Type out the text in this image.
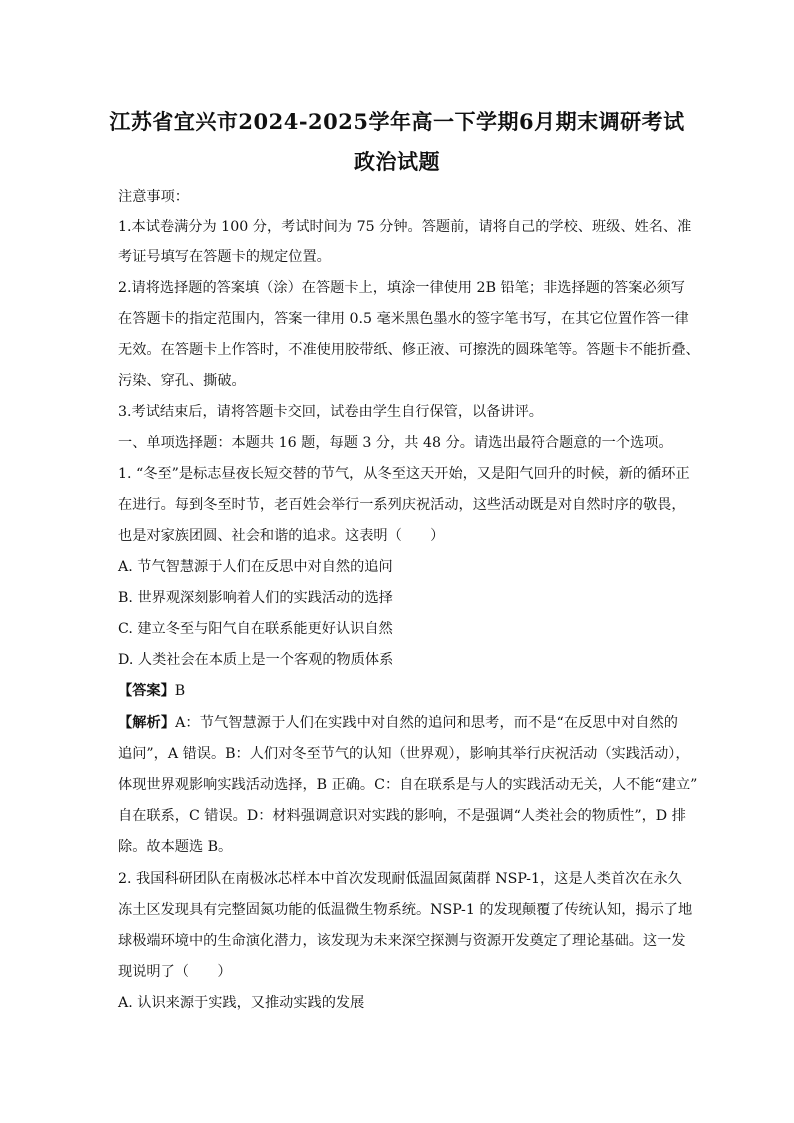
江苏省宜兴市2024-2025学年高一下学期6月期末调研考试
政治试题
注意事项：
1.本试卷满分为 100 分，考试时间为 75 分钟。答题前，请将自己的学校、班级、姓名、准
考证号填写在答题卡的规定位置。
2.请将选择题的答案填（涂）在答题卡上，填涂一律使用 2B 铅笔；非选择题的答案必须写
在答题卡的指定范围内，答案一律用 0.5 毫米黑色墨水的签字笔书写，在其它位置作答一律
无效。在答题卡上作答时，不准使用胶带纸、修正液、可擦洗的圆珠笔等。答题卡不能折叠、
污染、穿孔、撕破。
3.考试结束后，请将答题卡交回，试卷由学生自行保管，以备讲评。
一、单项选择题：本题共 16 题，每题 3 分，共 48 分。请选出最符合题意的一个选项。
1. “冬至”是标志昼夜长短交替的节气，从冬至这天开始，又是阳气回升的时候，新的循环正
在进行。每到冬至时节，老百姓会举行一系列庆祝活动，这些活动既是对自然时序的敬畏，
也是对家族团圆、社会和谐的追求。这表明（　　）
A. 节气智慧源于人们在反思中对自然的追问
B. 世界观深刻影响着人们的实践活动的选择
C. 建立冬至与阳气自在联系能更好认识自然
D. 人类社会在本质上是一个客观的物质体系
【答案】B
【解析】A：节气智慧源于人们在实践中对自然的追问和思考，而不是“在反思中对自然的
追问”，A 错误。B：人们对冬至节气的认知（世界观），影响其举行庆祝活动（实践活动），
体现世界观影响实践活动选择，B 正确。C：自在联系是与人的实践活动无关，人不能“建立”
自在联系，C 错误。D：材料强调意识对实践的影响，不是强调“人类社会的物质性”，D 排
除。故本题选 B。
2. 我国科研团队在南极冰芯样本中首次发现耐低温固氮菌群 NSP-1，这是人类首次在永久
冻土区发现具有完整固氮功能的低温微生物系统。NSP-1 的发现颠覆了传统认知，揭示了地
球极端环境中的生命演化潜力，该发现为未来深空探测与资源开发奠定了理论基础。这一发
现说明了（　　）
A. 认识来源于实践，又推动实践的发展
